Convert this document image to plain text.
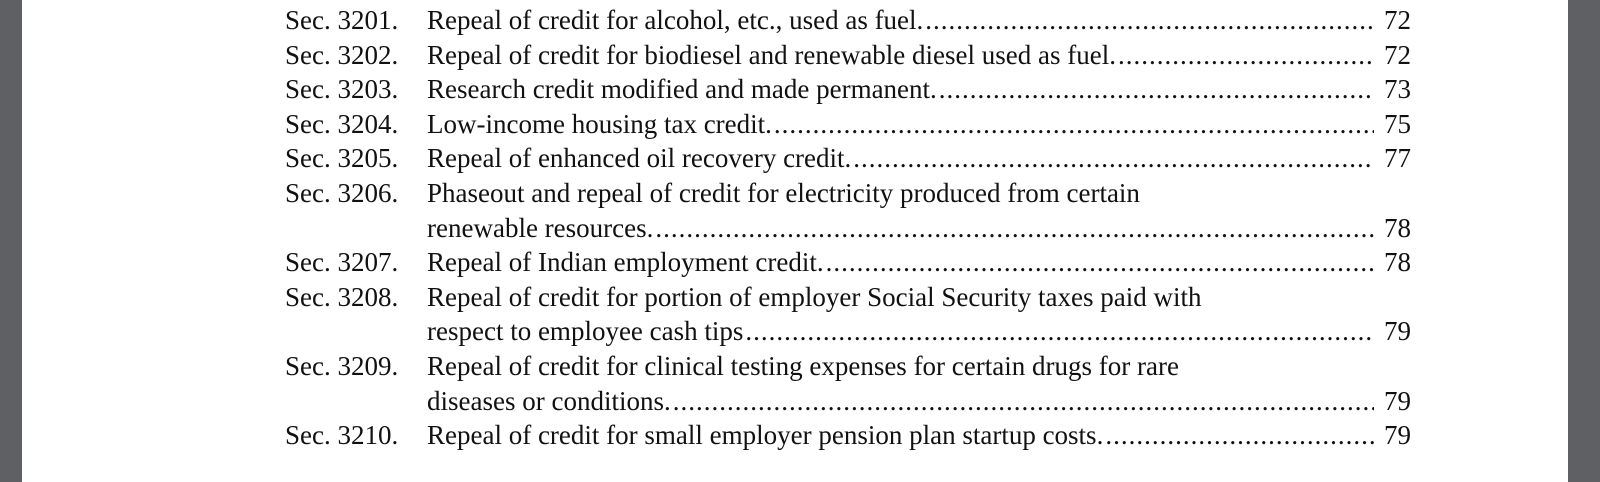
Sec. 3201.	Repeal of credit for alcohol, etc., used as fuel. .....	72
Sec. 3202.	Repeal of credit for biodiesel and renewable diesel used as fuel. .....	72
Sec. 3203.	Research credit modified and made permanent. .....	73
Sec. 3204.	Low-income housing tax credit. .....	75
Sec. 3205.	Repeal of enhanced oil recovery credit. .....	77
Sec. 3206.	Phaseout and repeal of credit for electricity produced from certain
renewable resources. .....	78
Sec. 3207.	Repeal of Indian employment credit. .....	78
Sec. 3208.	Repeal of credit for portion of employer Social Security taxes paid with
respect to employee cash tips .....	79
Sec. 3209.	Repeal of credit for clinical testing expenses for certain drugs for rare
diseases or conditions. .....	79
Sec. 3210.	Repeal of credit for small employer pension plan startup costs. .....	79
